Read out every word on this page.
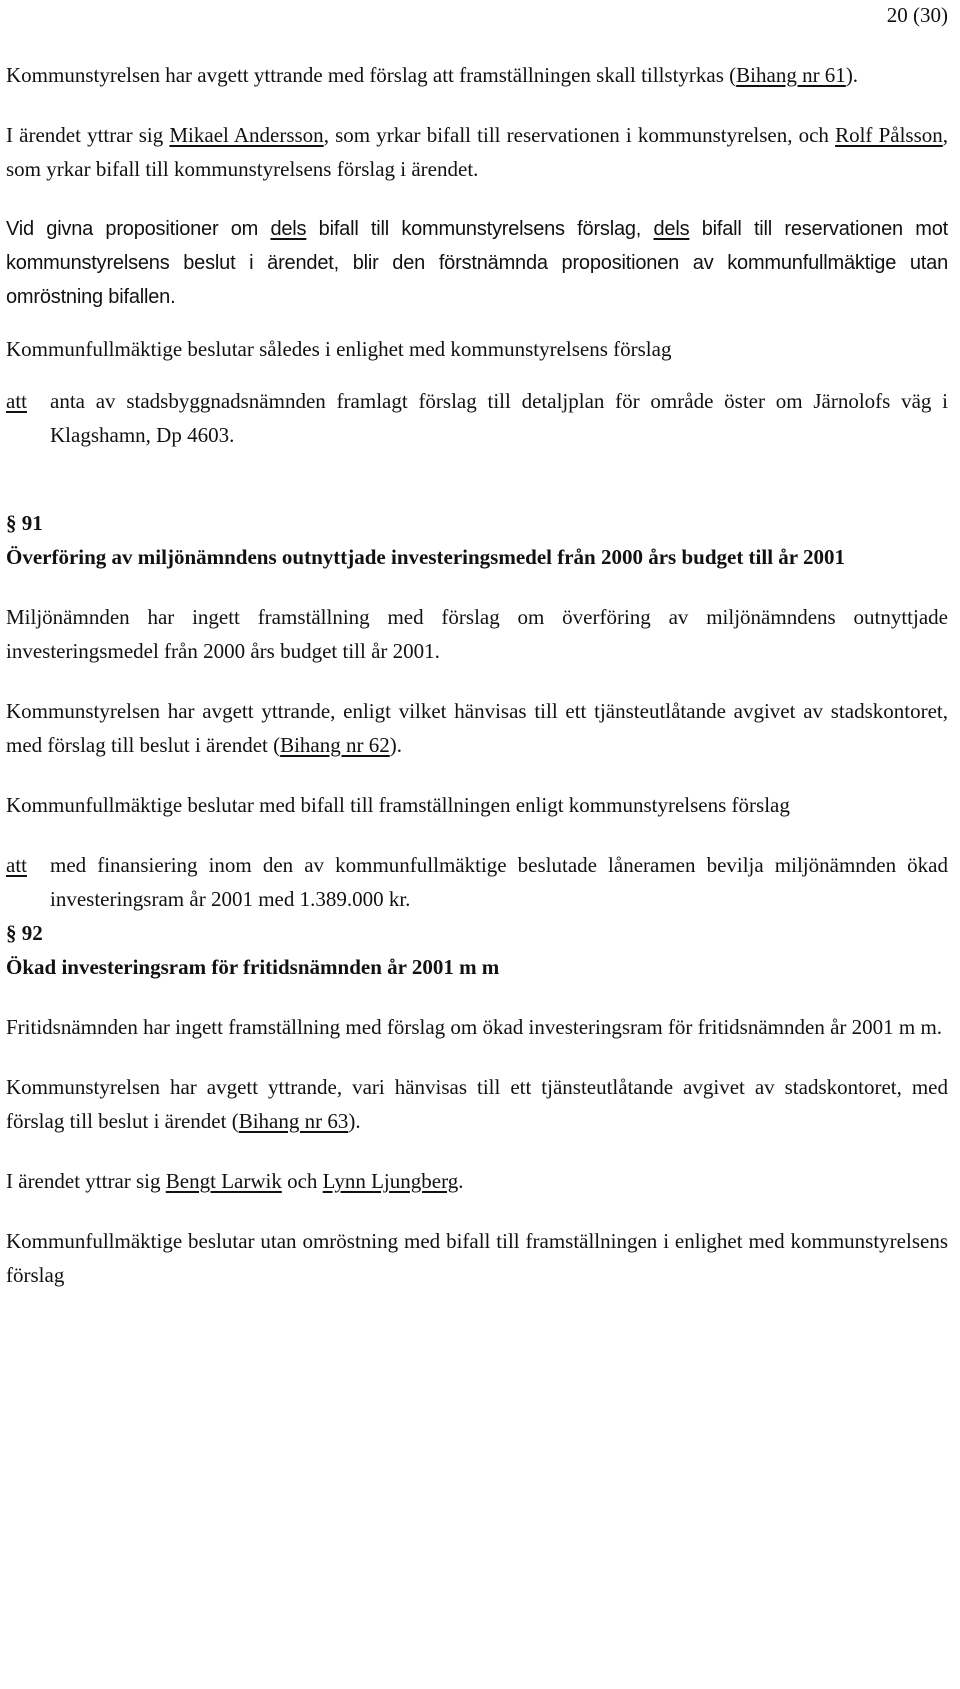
20 (30)

Kommunstyrelsen har avgett yttrande med förslag att framställningen skall tillstyrkas (Bihang nr 61).

I ärendet yttrar sig Mikael Andersson, som yrkar bifall till reservationen i kommunstyrelsen, och Rolf Pålsson, som yrkar bifall till kommunstyrelsens förslag i ärendet.

Vid givna propositioner om dels bifall till kommunstyrelsens förslag, dels bifall till reservationen mot kommunstyrelsens beslut i ärendet, blir den förstnämnda propositionen av kommunfullmäktige utan omröstning bifallen.

Kommunfullmäktige beslutar således i enlighet med kommunstyrelsens förslag

att	anta av stadsbyggnadsnämnden framlagt förslag till detaljplan för område öster om Järnolofs väg i Klagshamn, Dp 4603.
§ 91
Överföring av miljönämndens outnyttjade investeringsmedel från 2000 års budget till år 2001

Miljönämnden har ingett framställning med förslag om överföring av miljönämndens outnyttjade investeringsmedel från 2000 års budget till år 2001.

Kommunstyrelsen har avgett yttrande, enligt vilket hänvisas till ett tjänsteutlåtande avgivet av stadskontoret, med förslag till beslut i ärendet (Bihang nr 62).

Kommunfullmäktige beslutar med bifall till framställningen enligt kommunstyrelsens förslag

att	med finansiering inom den av kommunfullmäktige beslutade låneramen bevilja miljönämnden ökad investeringsram år 2001 med 1.389.000 kr.
§ 92
Ökad investeringsram för fritidsnämnden år 2001 m m

Fritidsnämnden har ingett framställning med förslag om ökad investeringsram för fritidsnämnden år 2001 m m.

Kommunstyrelsen har avgett yttrande, vari hänvisas till ett tjänsteutlåtande avgivet av stadskontoret, med förslag till beslut i ärendet (Bihang nr 63).

I ärendet yttrar sig Bengt Larwik och Lynn Ljungberg.

Kommunfullmäktige beslutar utan omröstning med bifall till framställningen i enlighet med kommunstyrelsens förslag
